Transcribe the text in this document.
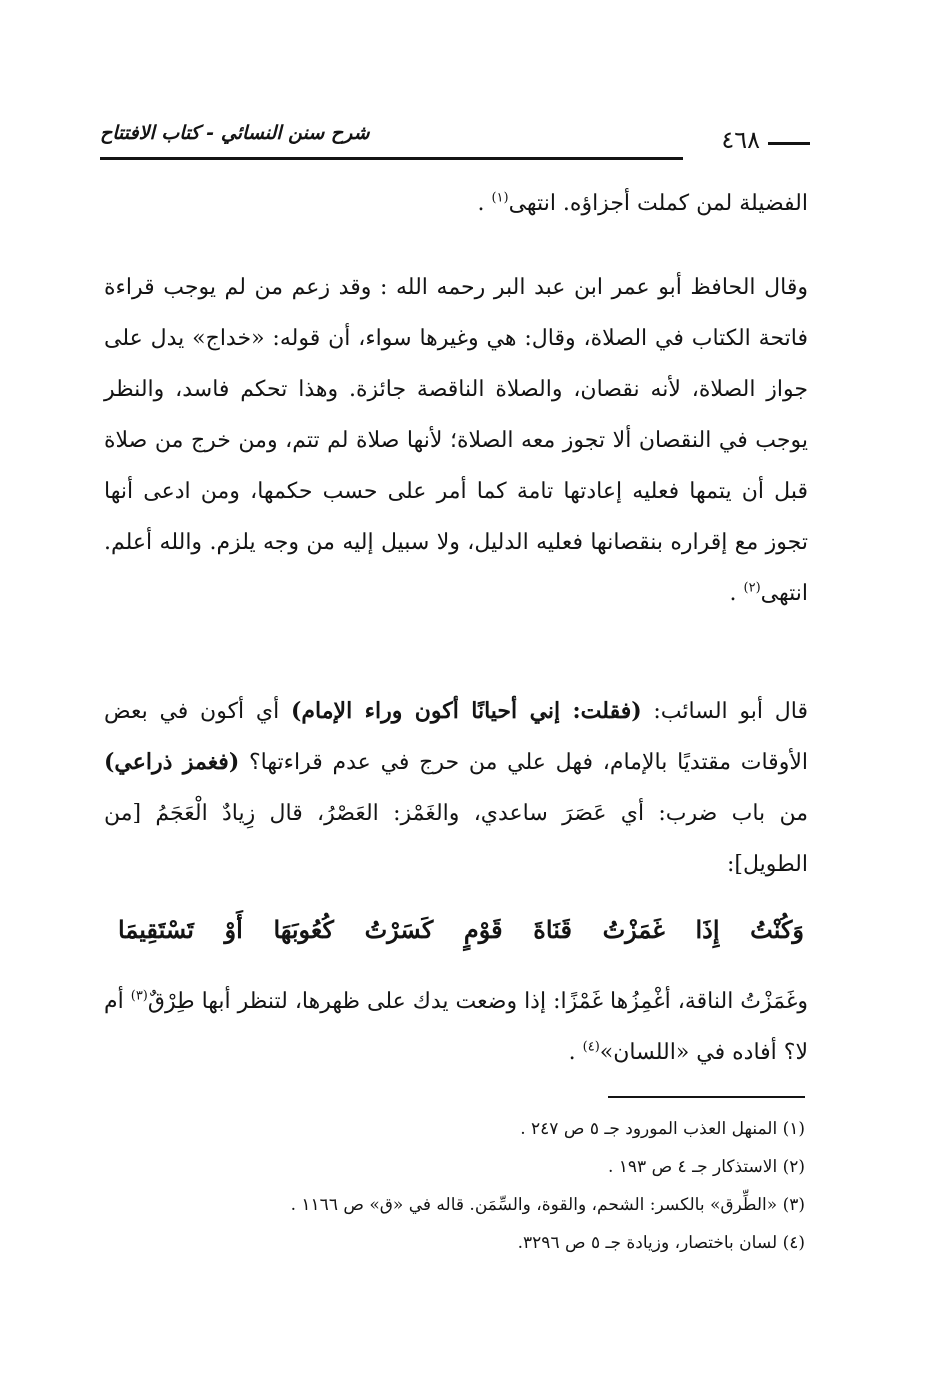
شرح سنن النسائي - كتاب الافتتاح	٤٦٨
الفضيلة لمن كملت أجزاؤه. انتهى$^{(١)}$ .
وقال الحافظ أبو عمر ابن عبد البر رحمه الله : وقد زعم من لم يوجب قراءة فاتحة الكتاب في الصلاة، وقال: هي وغيرها سواء، أن قوله: «خداج» يدل على جواز الصلاة، لأنه نقصان، والصلاة الناقصة جائزة. وهذا تحكم فاسد، والنظر يوجب في النقصان ألا تجوز معه الصلاة؛ لأنها صلاة لم تتم، ومن خرج من صلاة قبل أن يتمها فعليه إعادتها تامة كما أمر على حسب حكمها، ومن ادعى أنها تجوز مع إقراره بنقصانها فعليه الدليل، ولا سبيل إليه من وجه يلزم. والله أعلم. انتهى$^{(٢)}$ .
قال أبو السائب: (فقلت: إني أحيانًا أكون وراء الإمام) أي أكون في بعض الأوقات مقتديًا بالإمام، فهل علي من حرج في عدم قراءتها؟ (فغمز ذراعي) من باب ضرب: أي عَصَرَ ساعدي، والغَمْز: العَصْرُ، قال زِيادٌ الْعَجَمُ [من الطويل]:
وَكُنْتُ إِذَا غَمَزْتُ قَنَاةَ قَوْمٍ كَسَرْتُ كُعُوبَهَا أَوْ تَسْتَقِيمَا
وغَمَزْتُ الناقة، أغْمِزُها غَمْزًا: إذا وضعت يدك على ظهرها، لتنظر أبها طِرْقٌ$^{(٣)}$ أم لا؟ أفاده في «اللسان»$^{(٤)}$ .
(١) المنهل العذب المورود جـ ٥ ص ٢٤٧ .
(٢) الاستذكار جـ ٤ ص ١٩٣ .
(٣) «الطِّرق» بالكسر: الشحم، والقوة، والسِّمَن. قاله في «ق» ص ١١٦٦ .
(٤) لسان باختصار، وزيادة جـ ٥ ص ٣٢٩٦.
